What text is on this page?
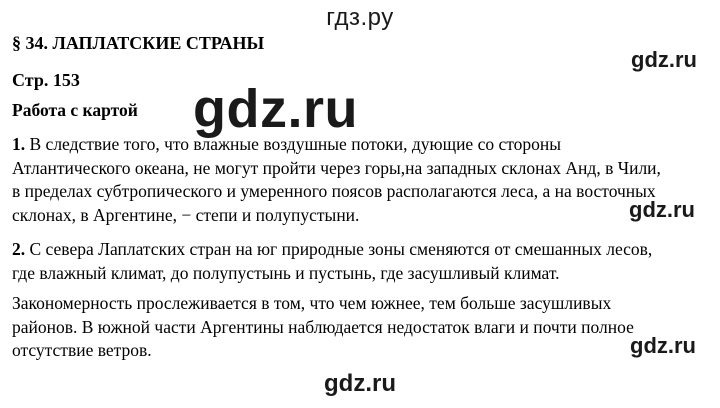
гдз.ру
§ 34. ЛАПЛАТСКИЕ СТРАНЫ
gdz.ru
Стр. 153
Работа с картой gdz.ru

1. В следствие того, что влажные воздушные потоки, дующие со стороны
Атлантического океана, не могут пройти через горы,на западных склонах Анд, в Чили,
в пределах субтропического и умеренного поясов располагаются леса, а на восточных
склонах, в Аргентине, − степи и полупустыни.	gdz.ru

2. С севера Лаплатских стран на юг природные зоны сменяются от смешанных лесов,
где влажный климат, до полупустынь и пустынь, где засушливый климат.

Закономерность прослеживается в том, что чем южнее, тем больше засушливых
районов. В южной части Аргентины наблюдается недостаток влаги и почти полное
отсутствие ветров.	gdz.ru
gdz.ru
